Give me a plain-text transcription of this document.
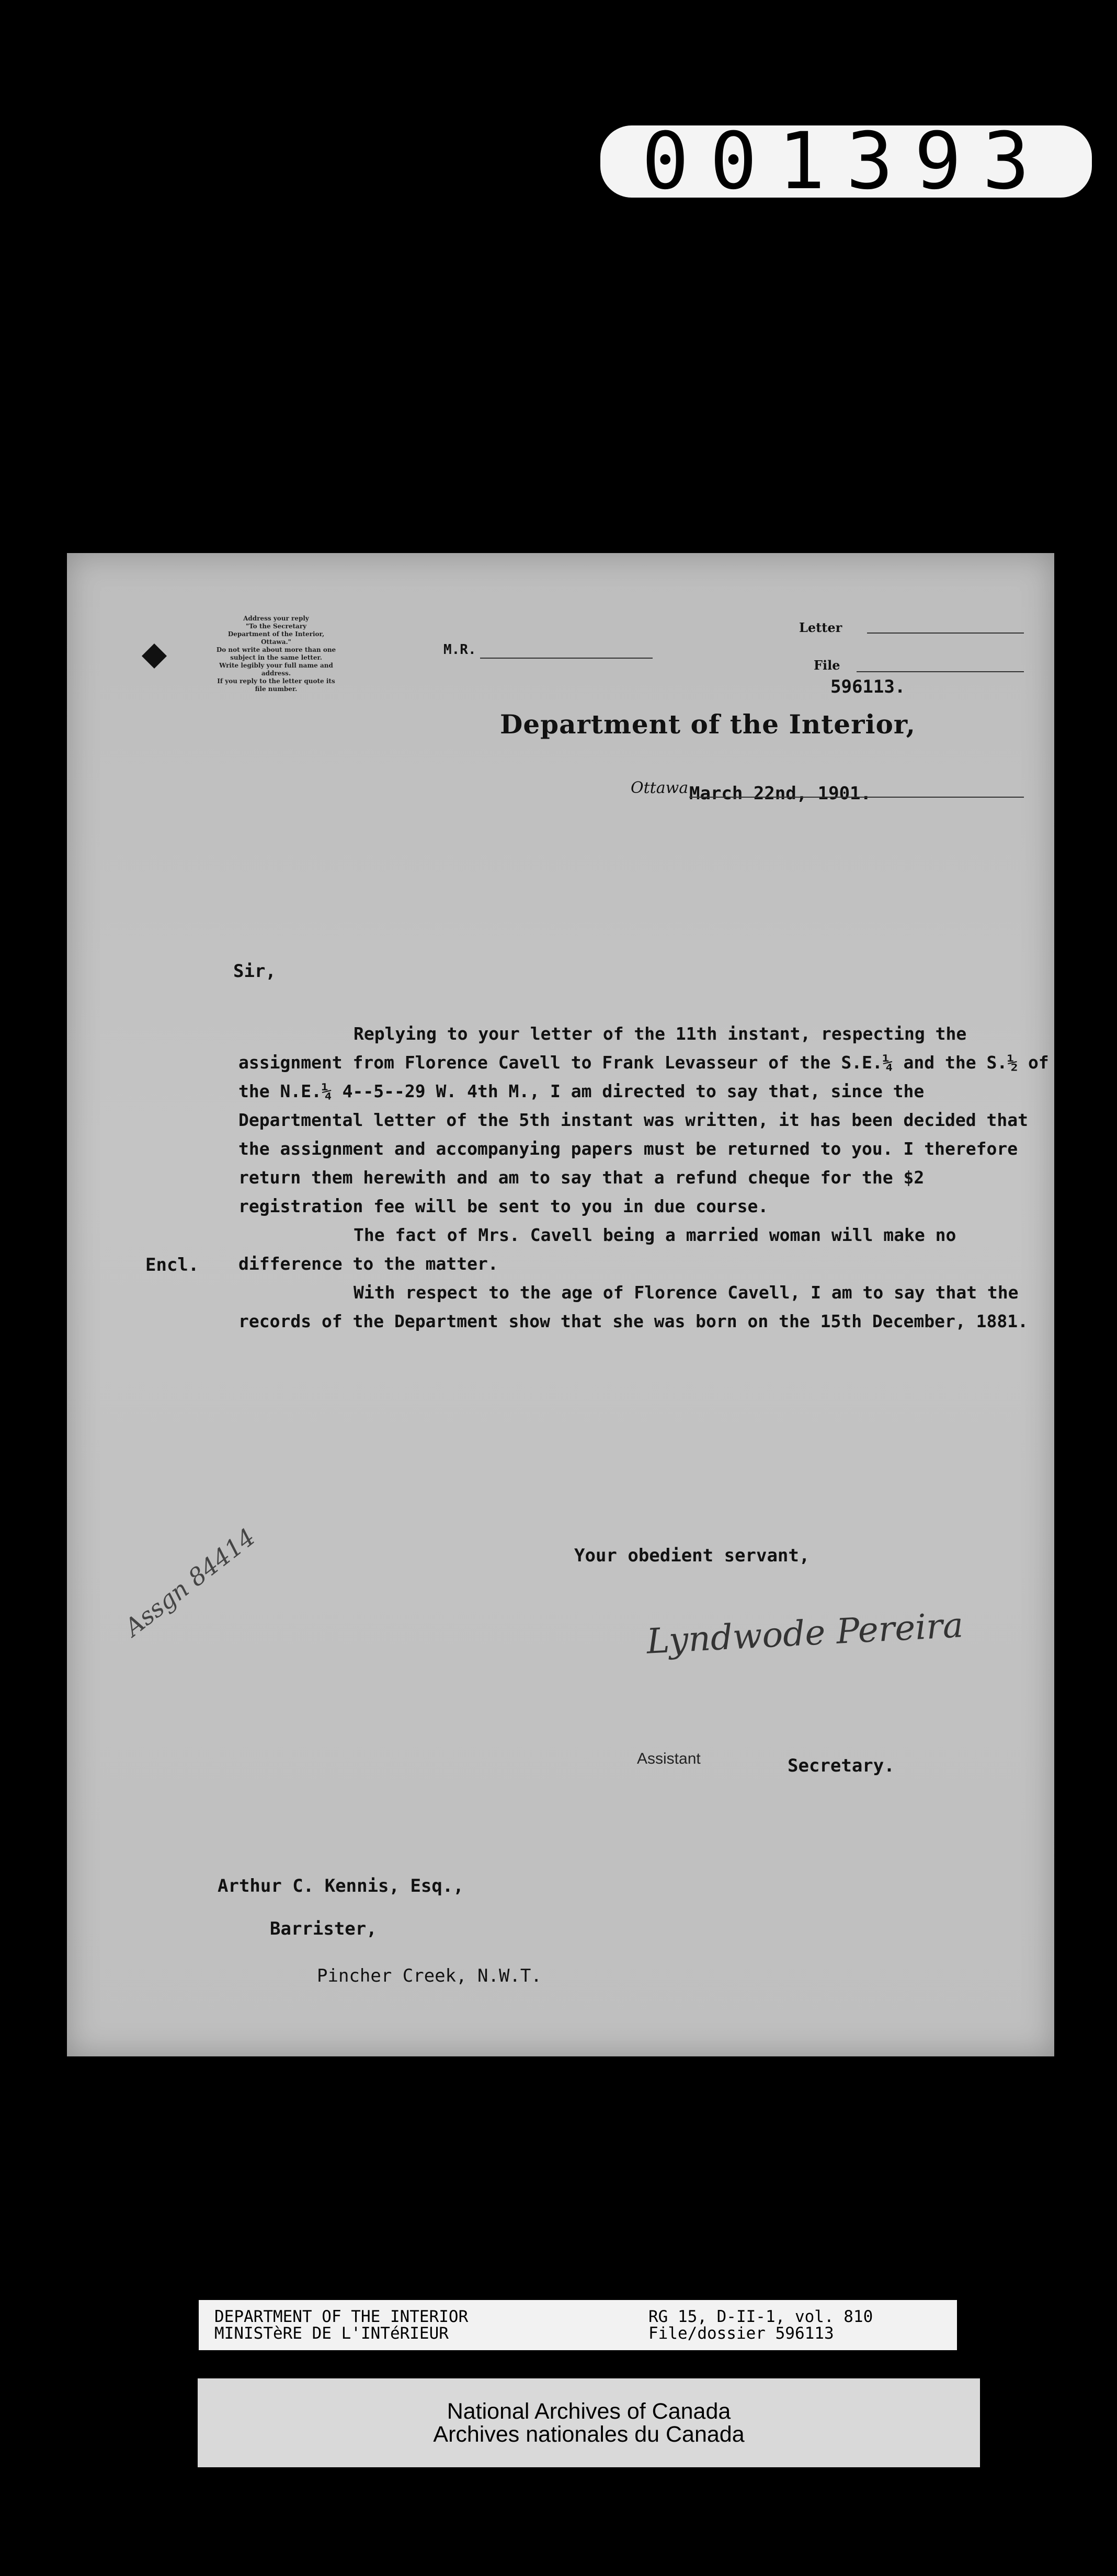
001393
Address your reply
"To the Secretary
Department of the Interior,
Ottawa."
Do not write about more than one
subject in the same letter.
Write legibly your full name and
address.
If you reply to the letter quote its
file number.
M.R.
Letter
File
596113.
Department of the Interior,
Ottawa March 22nd, 1901.
Sir,

Replying to your letter of the 11th instant, respecting the assignment from Florence Cavell to Frank Levasseur of the S.E.¼ and the S.½ of the N.E.¼ 4--5--29 W. 4th M., I am directed to say that, since the Departmental letter of the 5th instant was written, it has been decided that the assignment and accompanying papers must be returned to you. I therefore return them herewith and am to say that a refund cheque for the $2 registration fee will be sent to you in due course.

The fact of Mrs. Cavell being a married woman will make no difference to the matter.

With respect to the age of Florence Cavell, I am to say that the records of the Department show that she was born on the 15th December, 1881.

Encl.
Your obedient servant,
Assgn 84414	Lyndwode Pereira
Assistant	Secretary.
Arthur C. Kennis, Esq.,
Barrister,
Pincher Creek, N.W.T.
DEPARTMENT OF THE INTERIOR
MINISTèRE DE L'INTéRIEUR
RG 15, D-II-1, vol. 810
File/dossier 596113
National Archives of Canada
Archives nationales du Canada
